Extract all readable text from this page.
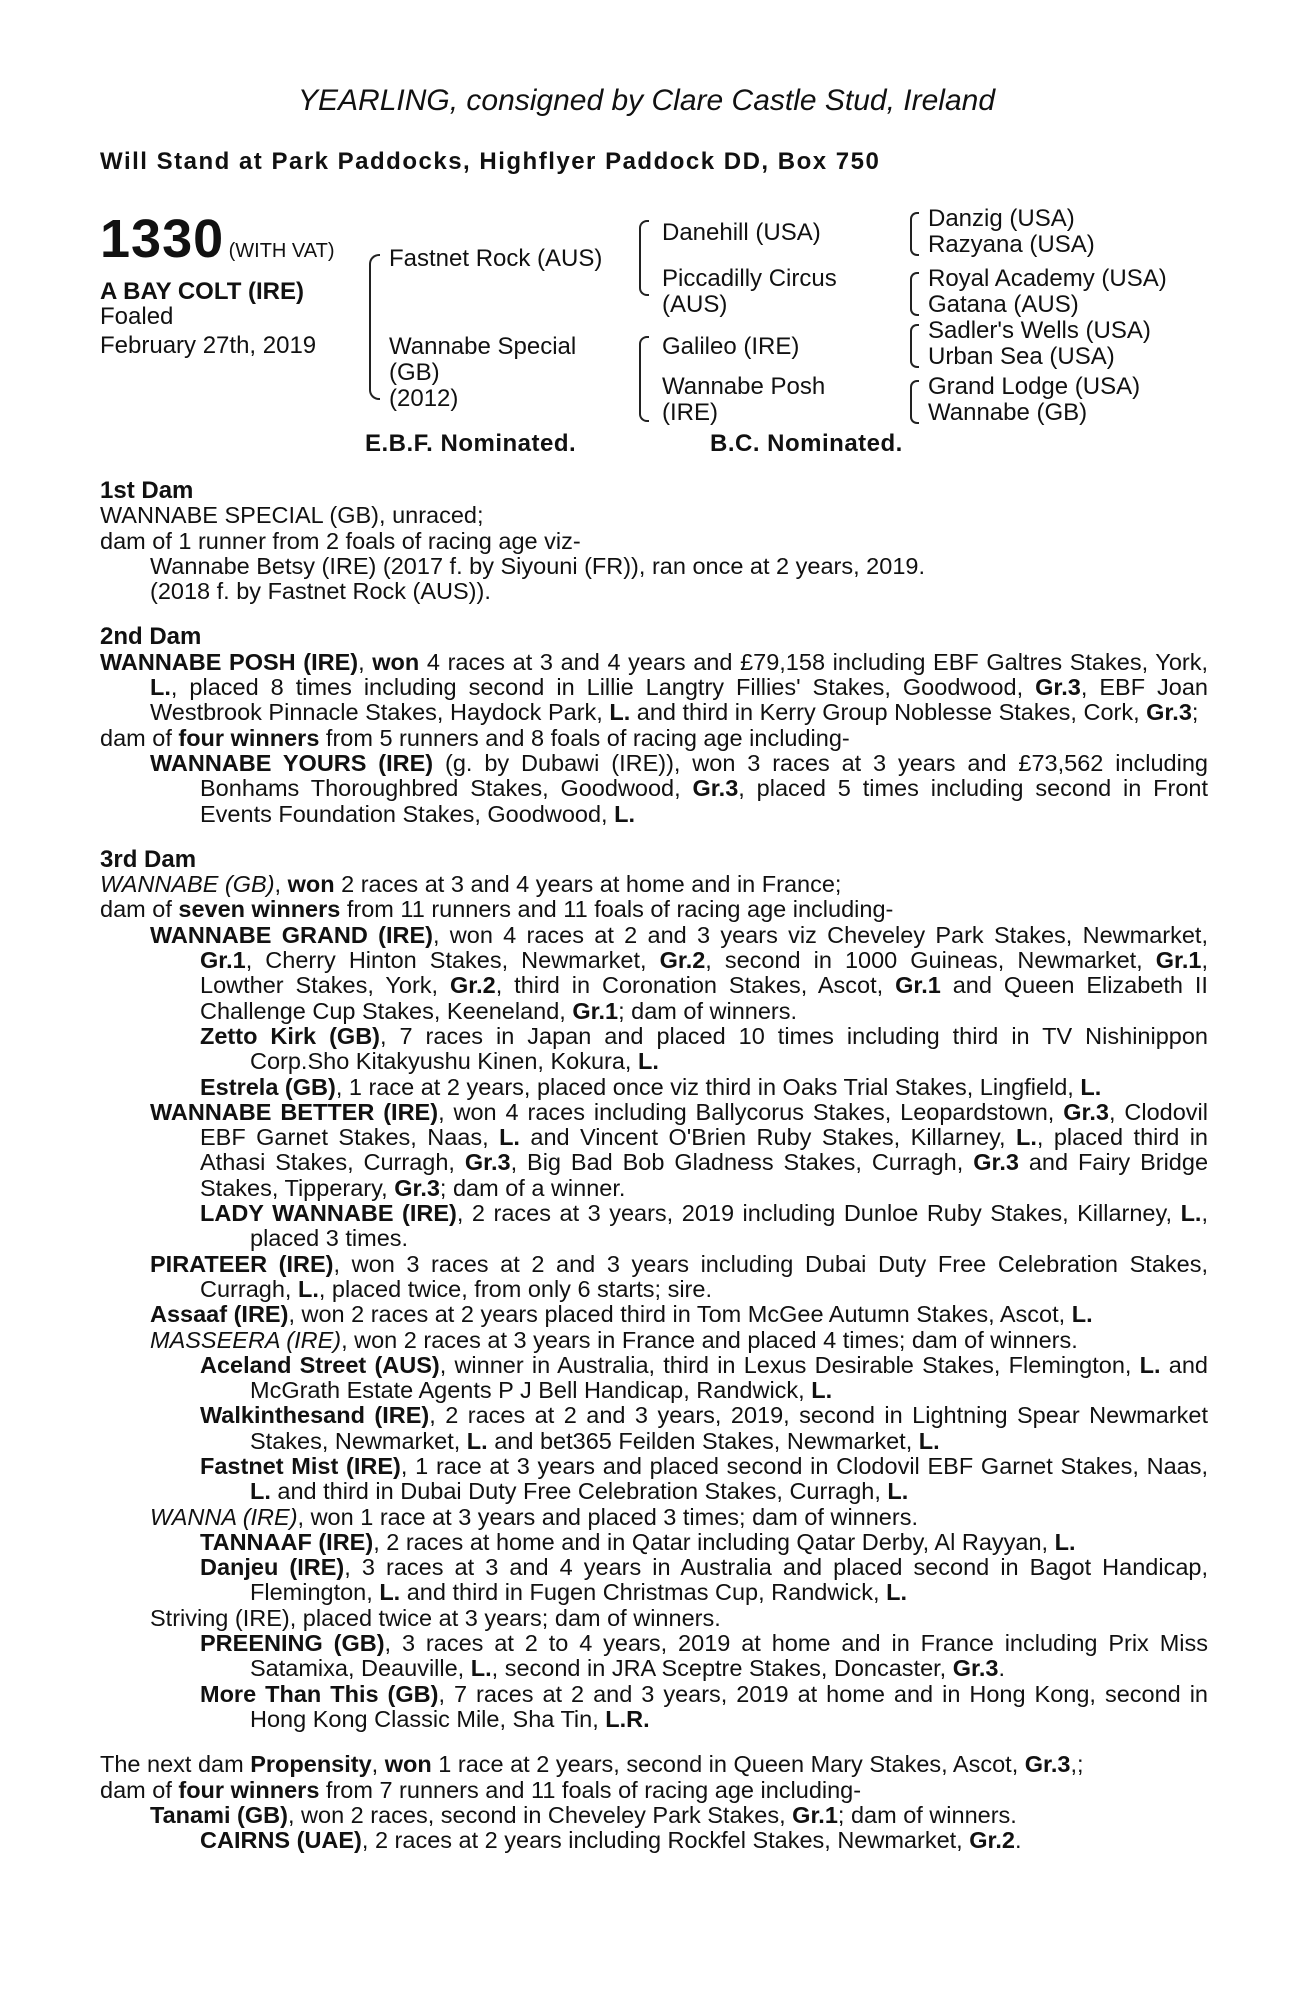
YEARLING, consigned by Clare Castle Stud, Ireland
Will Stand at Park Paddocks, Highflyer Paddock DD, Box 750
1330 (WITH VAT)
A BAY COLT (IRE)
Foaled
February 27th, 2019
Fastnet Rock (AUS)
Wannabe Special
(GB)
(2012)
Danehill (USA)
Piccadilly Circus
(AUS)
Galileo (IRE)
Wannabe Posh
(IRE)
Danzig (USA)
Razyana (USA)
Royal Academy (USA)
Gatana (AUS)
Sadler's Wells (USA)
Urban Sea (USA)
Grand Lodge (USA)
Wannabe (GB)
E.B.F. Nominated.	B.C. Nominated.

1st Dam

WANNABE SPECIAL (GB), unraced;

dam of 1 runner from 2 foals of racing age viz-

Wannabe Betsy (IRE) (2017 f. by Siyouni (FR)), ran once at 2 years, 2019.

(2018 f. by Fastnet Rock (AUS)).

2nd Dam

WANNABE POSH (IRE), won 4 races at 3 and 4 years and £79,158 including EBF Galtres Stakes, York, L., placed 8 times including second in Lillie Langtry Fillies' Stakes, Goodwood, Gr.3, EBF Joan Westbrook Pinnacle Stakes, Haydock Park, L. and third in Kerry Group Noblesse Stakes, Cork, Gr.3;

dam of four winners from 5 runners and 8 foals of racing age including-

WANNABE YOURS (IRE) (g. by Dubawi (IRE)), won 3 races at 3 years and £73,562 including Bonhams Thoroughbred Stakes, Goodwood, Gr.3, placed 5 times including second in Front Events Foundation Stakes, Goodwood, L.

3rd Dam

WANNABE (GB), won 2 races at 3 and 4 years at home and in France;

dam of seven winners from 11 runners and 11 foals of racing age including-

WANNABE GRAND (IRE), won 4 races at 2 and 3 years viz Cheveley Park Stakes, Newmarket, Gr.1, Cherry Hinton Stakes, Newmarket, Gr.2, second in 1000 Guineas, Newmarket, Gr.1, Lowther Stakes, York, Gr.2, third in Coronation Stakes, Ascot, Gr.1 and Queen Elizabeth II Challenge Cup Stakes, Keeneland, Gr.1; dam of winners.

Zetto Kirk (GB), 7 races in Japan and placed 10 times including third in TV Nishinippon Corp.Sho Kitakyushu Kinen, Kokura, L.

Estrela (GB), 1 race at 2 years, placed once viz third in Oaks Trial Stakes, Lingfield, L.

WANNABE BETTER (IRE), won 4 races including Ballycorus Stakes, Leopardstown, Gr.3, Clodovil EBF Garnet Stakes, Naas, L. and Vincent O'Brien Ruby Stakes, Killarney, L., placed third in Athasi Stakes, Curragh, Gr.3, Big Bad Bob Gladness Stakes, Curragh, Gr.3 and Fairy Bridge Stakes, Tipperary, Gr.3; dam of a winner.

LADY WANNABE (IRE), 2 races at 3 years, 2019 including Dunloe Ruby Stakes, Killarney, L., placed 3 times.

PIRATEER (IRE), won 3 races at 2 and 3 years including Dubai Duty Free Celebration Stakes, Curragh, L., placed twice, from only 6 starts; sire.

Assaaf (IRE), won 2 races at 2 years placed third in Tom McGee Autumn Stakes, Ascot, L.

MASSEERA (IRE), won 2 races at 3 years in France and placed 4 times; dam of winners.

Aceland Street (AUS), winner in Australia, third in Lexus Desirable Stakes, Flemington, L. and McGrath Estate Agents P J Bell Handicap, Randwick, L.

Walkinthesand (IRE), 2 races at 2 and 3 years, 2019, second in Lightning Spear Newmarket Stakes, Newmarket, L. and bet365 Feilden Stakes, Newmarket, L.

Fastnet Mist (IRE), 1 race at 3 years and placed second in Clodovil EBF Garnet Stakes, Naas, L. and third in Dubai Duty Free Celebration Stakes, Curragh, L.

WANNA (IRE), won 1 race at 3 years and placed 3 times; dam of winners.

TANNAAF (IRE), 2 races at home and in Qatar including Qatar Derby, Al Rayyan, L.

Danjeu (IRE), 3 races at 3 and 4 years in Australia and placed second in Bagot Handicap, Flemington, L. and third in Fugen Christmas Cup, Randwick, L.

Striving (IRE), placed twice at 3 years; dam of winners.

PREENING (GB), 3 races at 2 to 4 years, 2019 at home and in France including Prix Miss Satamixa, Deauville, L., second in JRA Sceptre Stakes, Doncaster, Gr.3.

More Than This (GB), 7 races at 2 and 3 years, 2019 at home and in Hong Kong, second in Hong Kong Classic Mile, Sha Tin, L.R.

The next dam Propensity, won 1 race at 2 years, second in Queen Mary Stakes, Ascot, Gr.3,;

dam of four winners from 7 runners and 11 foals of racing age including-

Tanami (GB), won 2 races, second in Cheveley Park Stakes, Gr.1; dam of winners.

CAIRNS (UAE), 2 races at 2 years including Rockfel Stakes, Newmarket, Gr.2.
